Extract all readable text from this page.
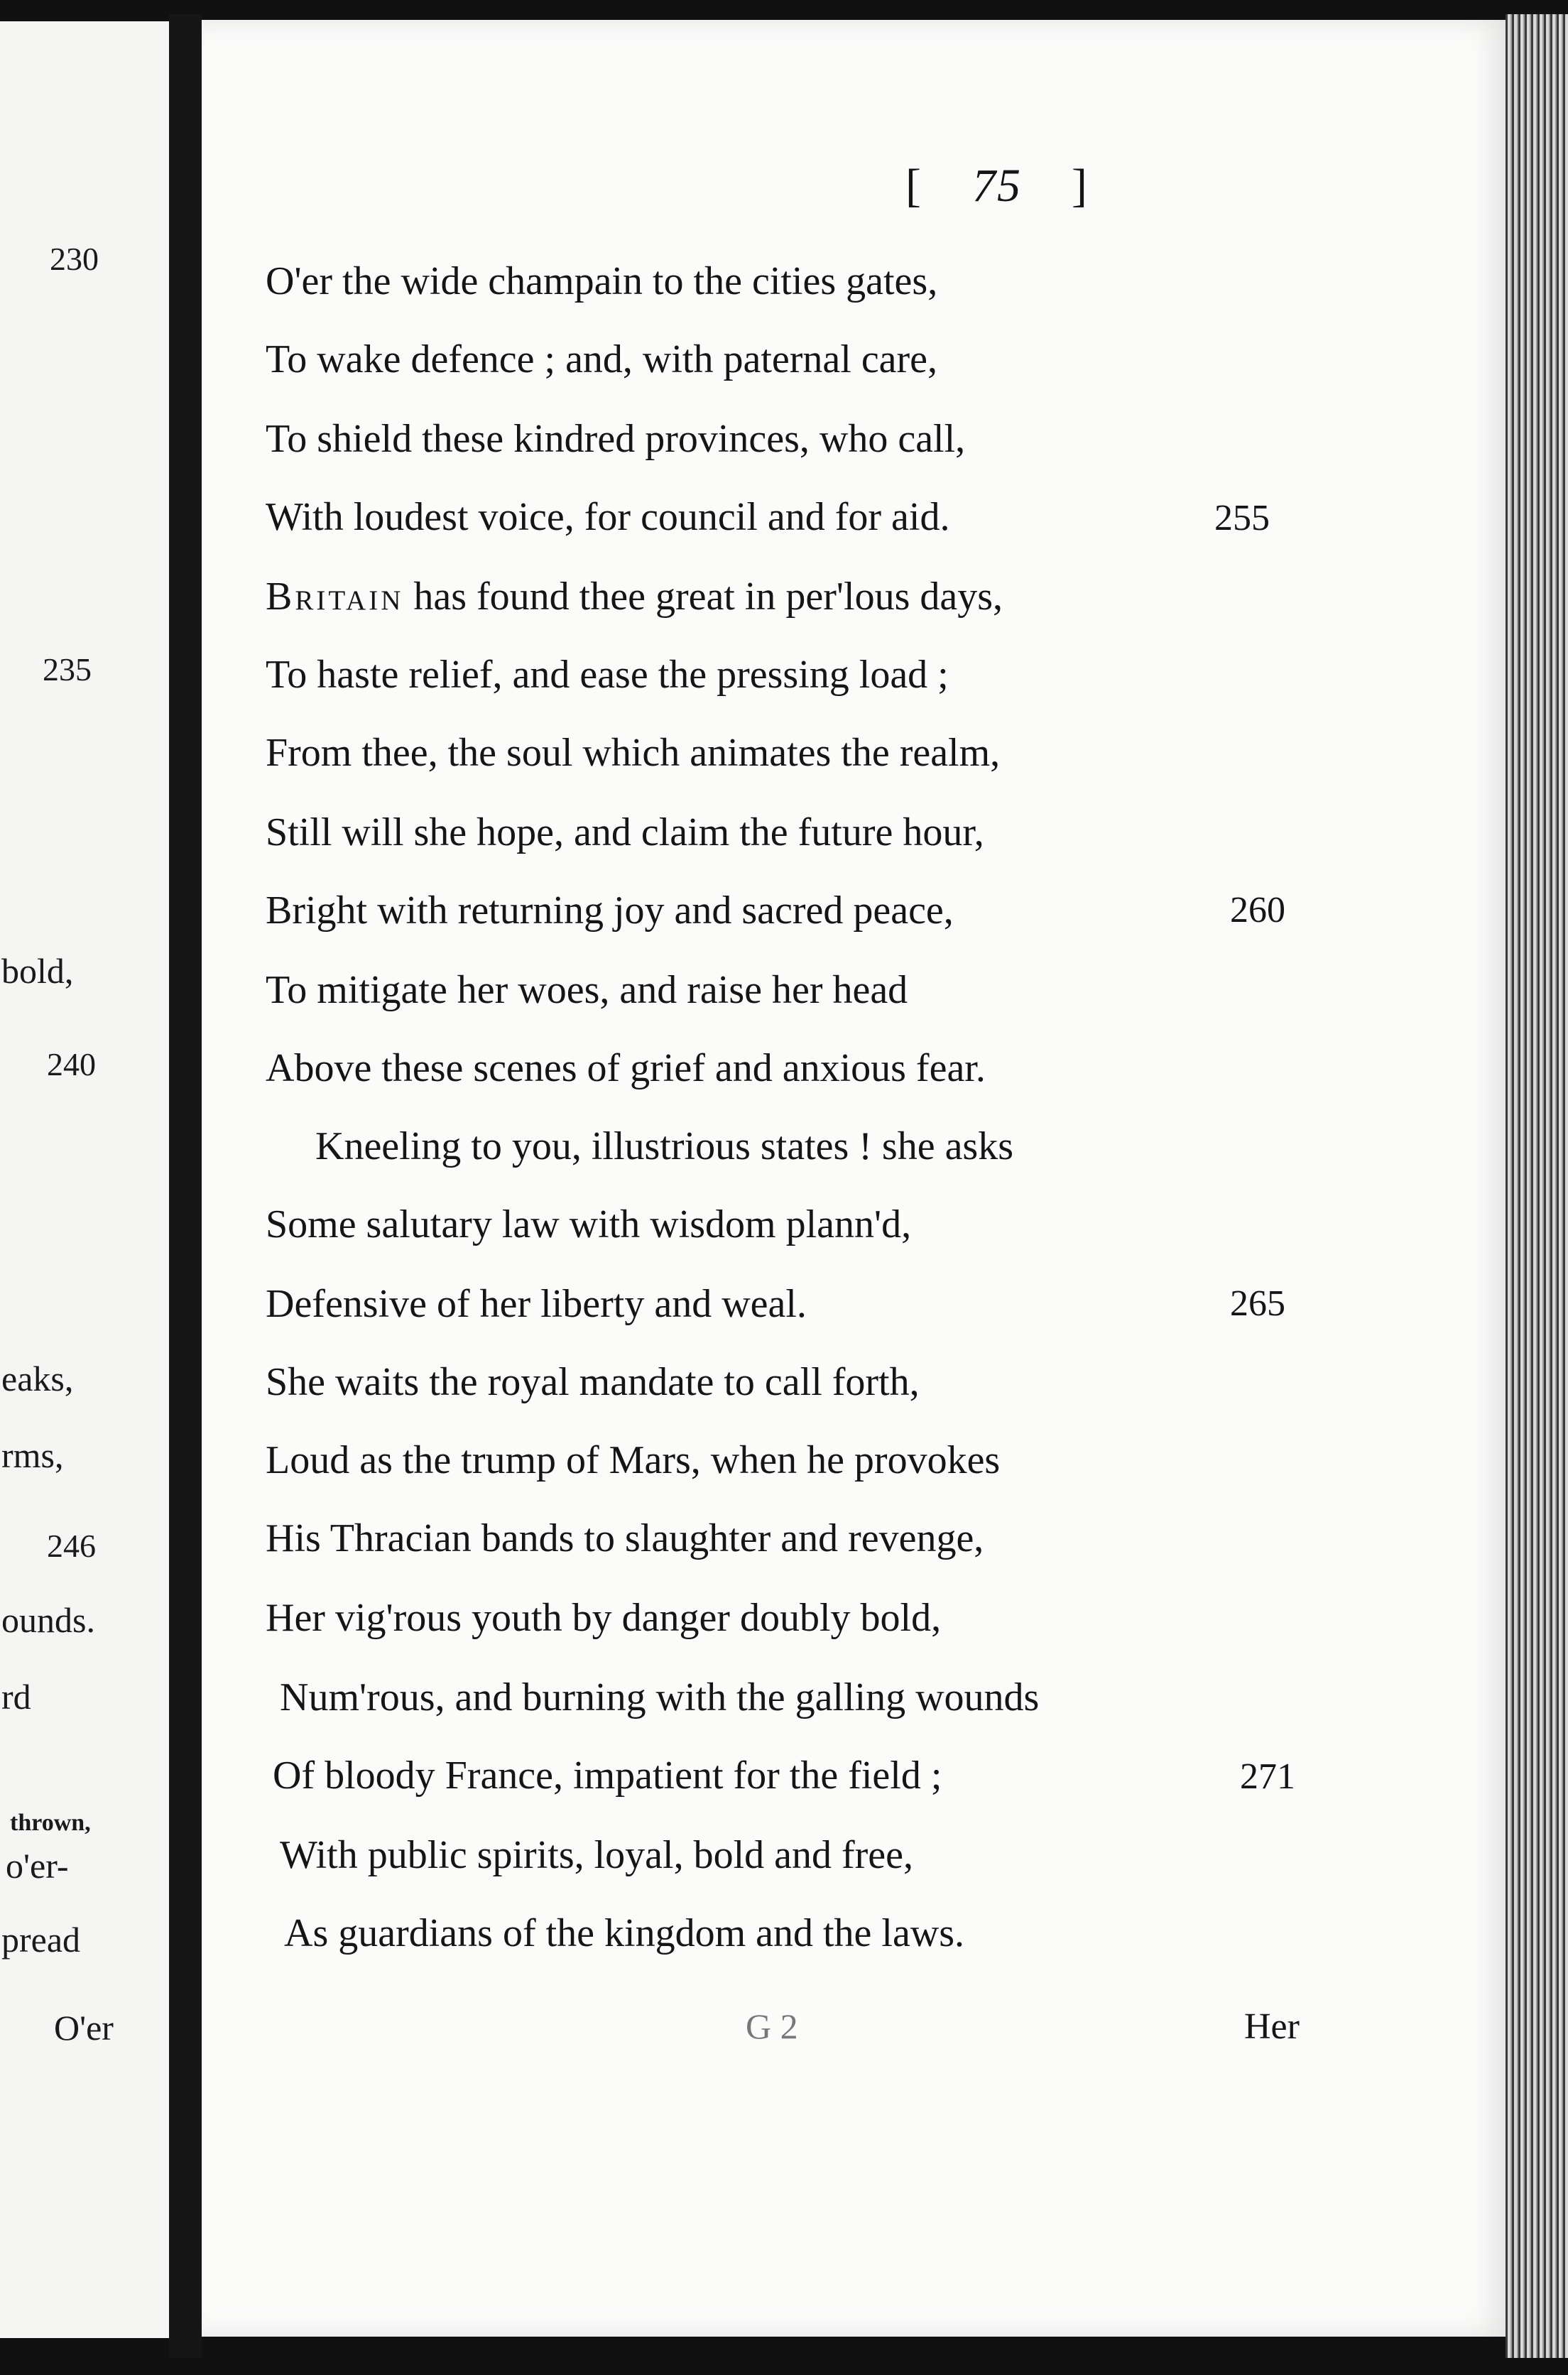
230
235
bold,
240
eaks,
rms,
246
ounds.
rd
thrown,
o'er-
pread
O'er
[ 75 ]
O'er the wide champain to the cities gates,
To wake defence ; and, with paternal care,
To shield these kindred provinces, who call,
With loudest voice, for council and for aid.	255
Britain has found thee great in per'lous days,
To haste relief, and ease the pressing load ;
From thee, the soul which animates the realm,
Still will she hope, and claim the future hour,
Bright with returning joy and sacred peace,	260
To mitigate her woes, and raise her head
Above these scenes of grief and anxious fear.
Kneeling to you, illustrious states ! she asks
Some salutary law with wisdom plann'd,
Defensive of her liberty and weal.	265
She waits the royal mandate to call forth,
Loud as the trump of Mars, when he provokes
His Thracian bands to slaughter and revenge,
Her vig'rous youth by danger doubly bold,
Num'rous, and burning with the galling wounds
Of bloody France, impatient for the field ;	271
With public spirits, loyal, bold and free,
As guardians of the kingdom and the laws.
G 2	Her
